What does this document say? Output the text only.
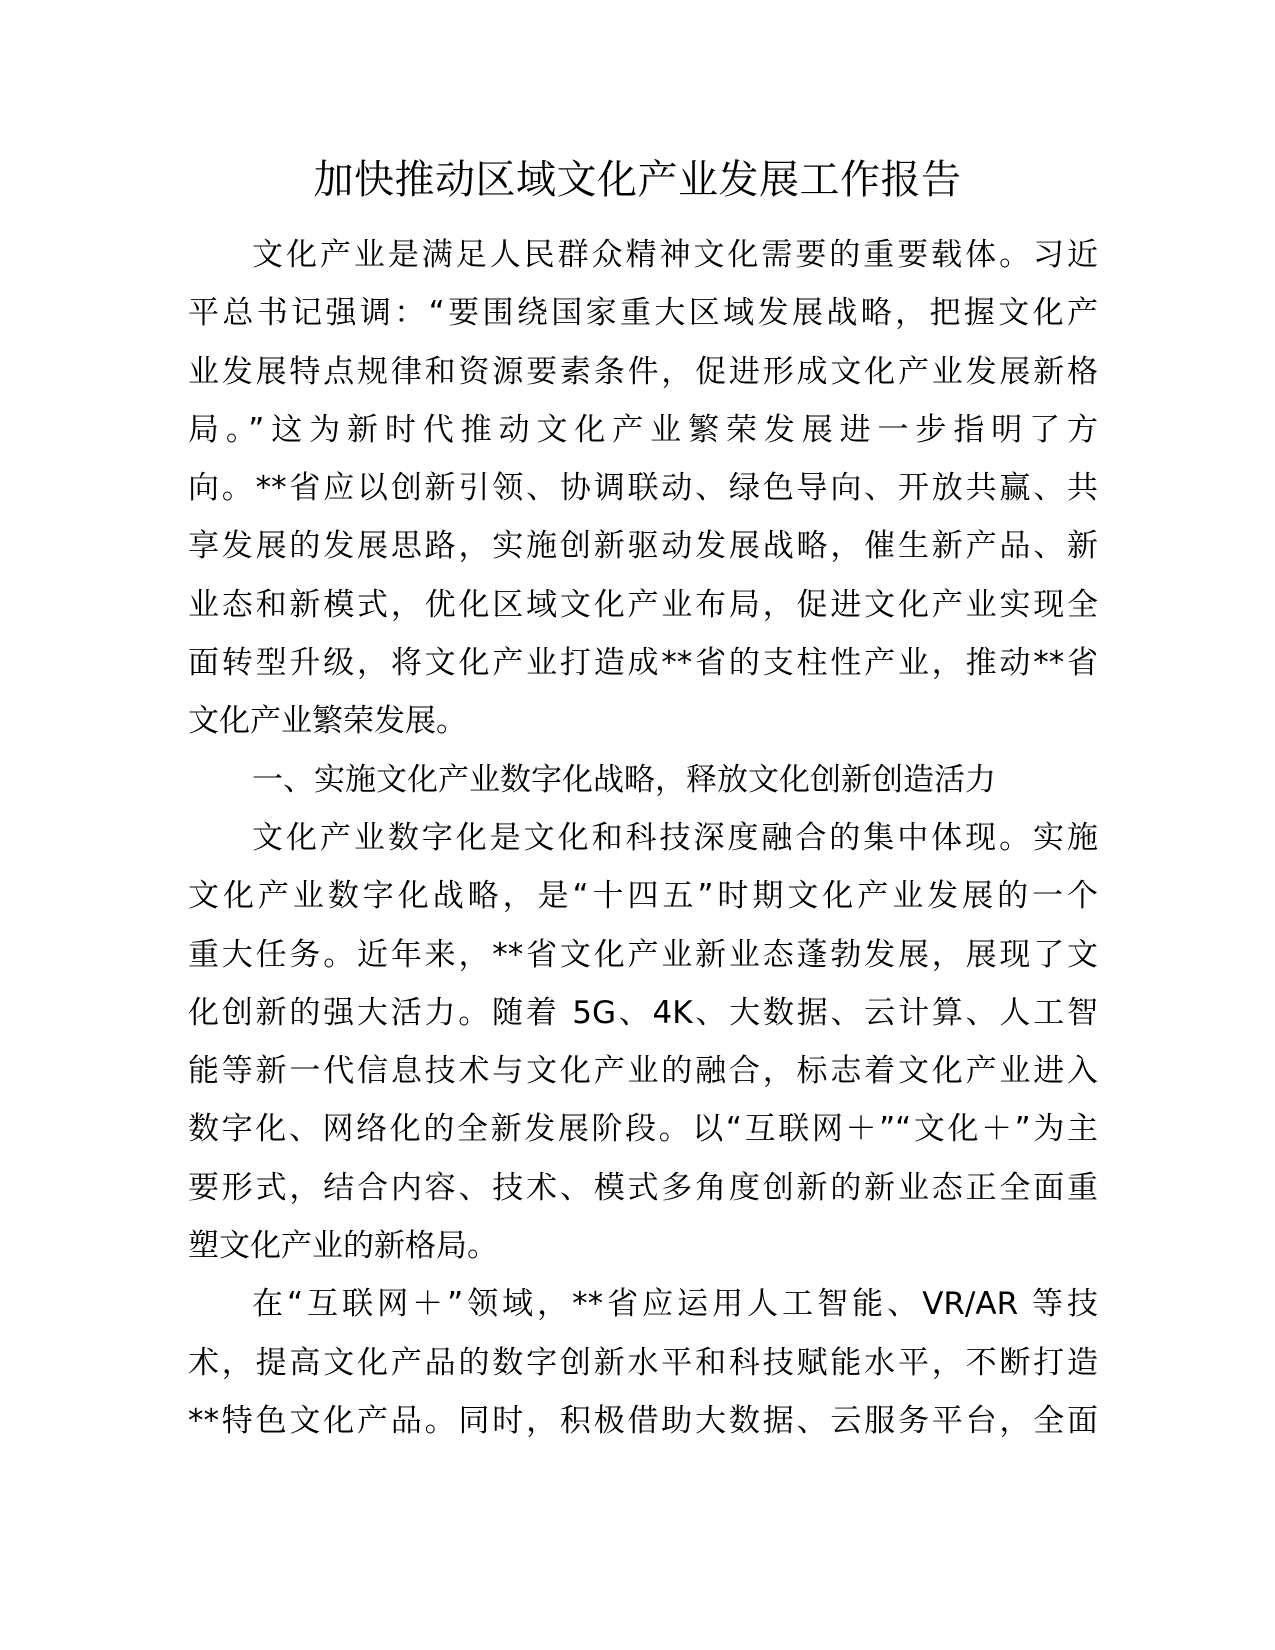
加快推动区域文化产业发展工作报告
文化产业是满足人民群众精神文化需要的重要载体。习近
平总书记强调：“要围绕国家重大区域发展战略，把握文化产
业发展特点规律和资源要素条件，促进形成文化产业发展新格
局。”这为新时代推动文化产业繁荣发展进一步指明了方
向。**省应以创新引领、协调联动、绿色导向、开放共赢、共
享发展的发展思路，实施创新驱动发展战略，催生新产品、新
业态和新模式，优化区域文化产业布局，促进文化产业实现全
面转型升级，将文化产业打造成**省的支柱性产业，推动**省
文化产业繁荣发展。
一、实施文化产业数字化战略，释放文化创新创造活力
文化产业数字化是文化和科技深度融合的集中体现。实施
文化产业数字化战略，是“十四五”时期文化产业发展的一个
重大任务。近年来，**省文化产业新业态蓬勃发展，展现了文
化创新的强大活力。随着 5G、4K、大数据、云计算、人工智
能等新一代信息技术与文化产业的融合，标志着文化产业进入
数字化、网络化的全新发展阶段。以“互联网＋”“文化＋”为主
要形式，结合内容、技术、模式多角度创新的新业态正全面重
塑文化产业的新格局。
在“互联网＋”领域，**省应运用人工智能、VR/AR 等技
术，提高文化产品的数字创新水平和科技赋能水平，不断打造
**特色文化产品。同时，积极借助大数据、云服务平台，全面
